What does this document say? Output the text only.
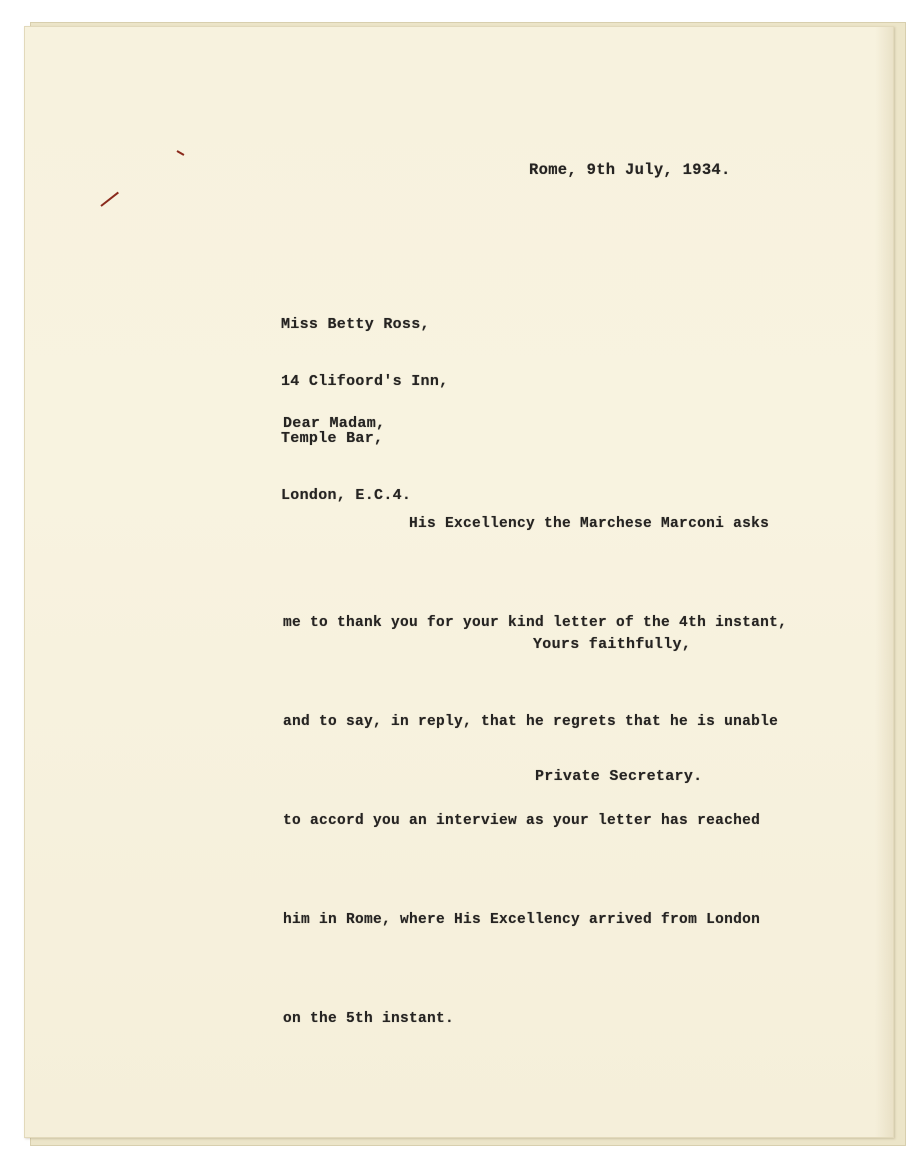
Rome, 9th July, 1934.

Miss Betty Ross,

14 Clifoord's Inn,

Temple Bar,

London, E.C.4.

Dear Madam,

His Excellency the Marchese Marconi asks

me to thank you for your kind letter of the 4th instant,

and to say, in reply, that he regrets that he is unable

to accord you an interview as your letter has reached

him in Rome, where His Excellency arrived from London

on the 5th instant.

Yours faithfully,
Private Secretary.
